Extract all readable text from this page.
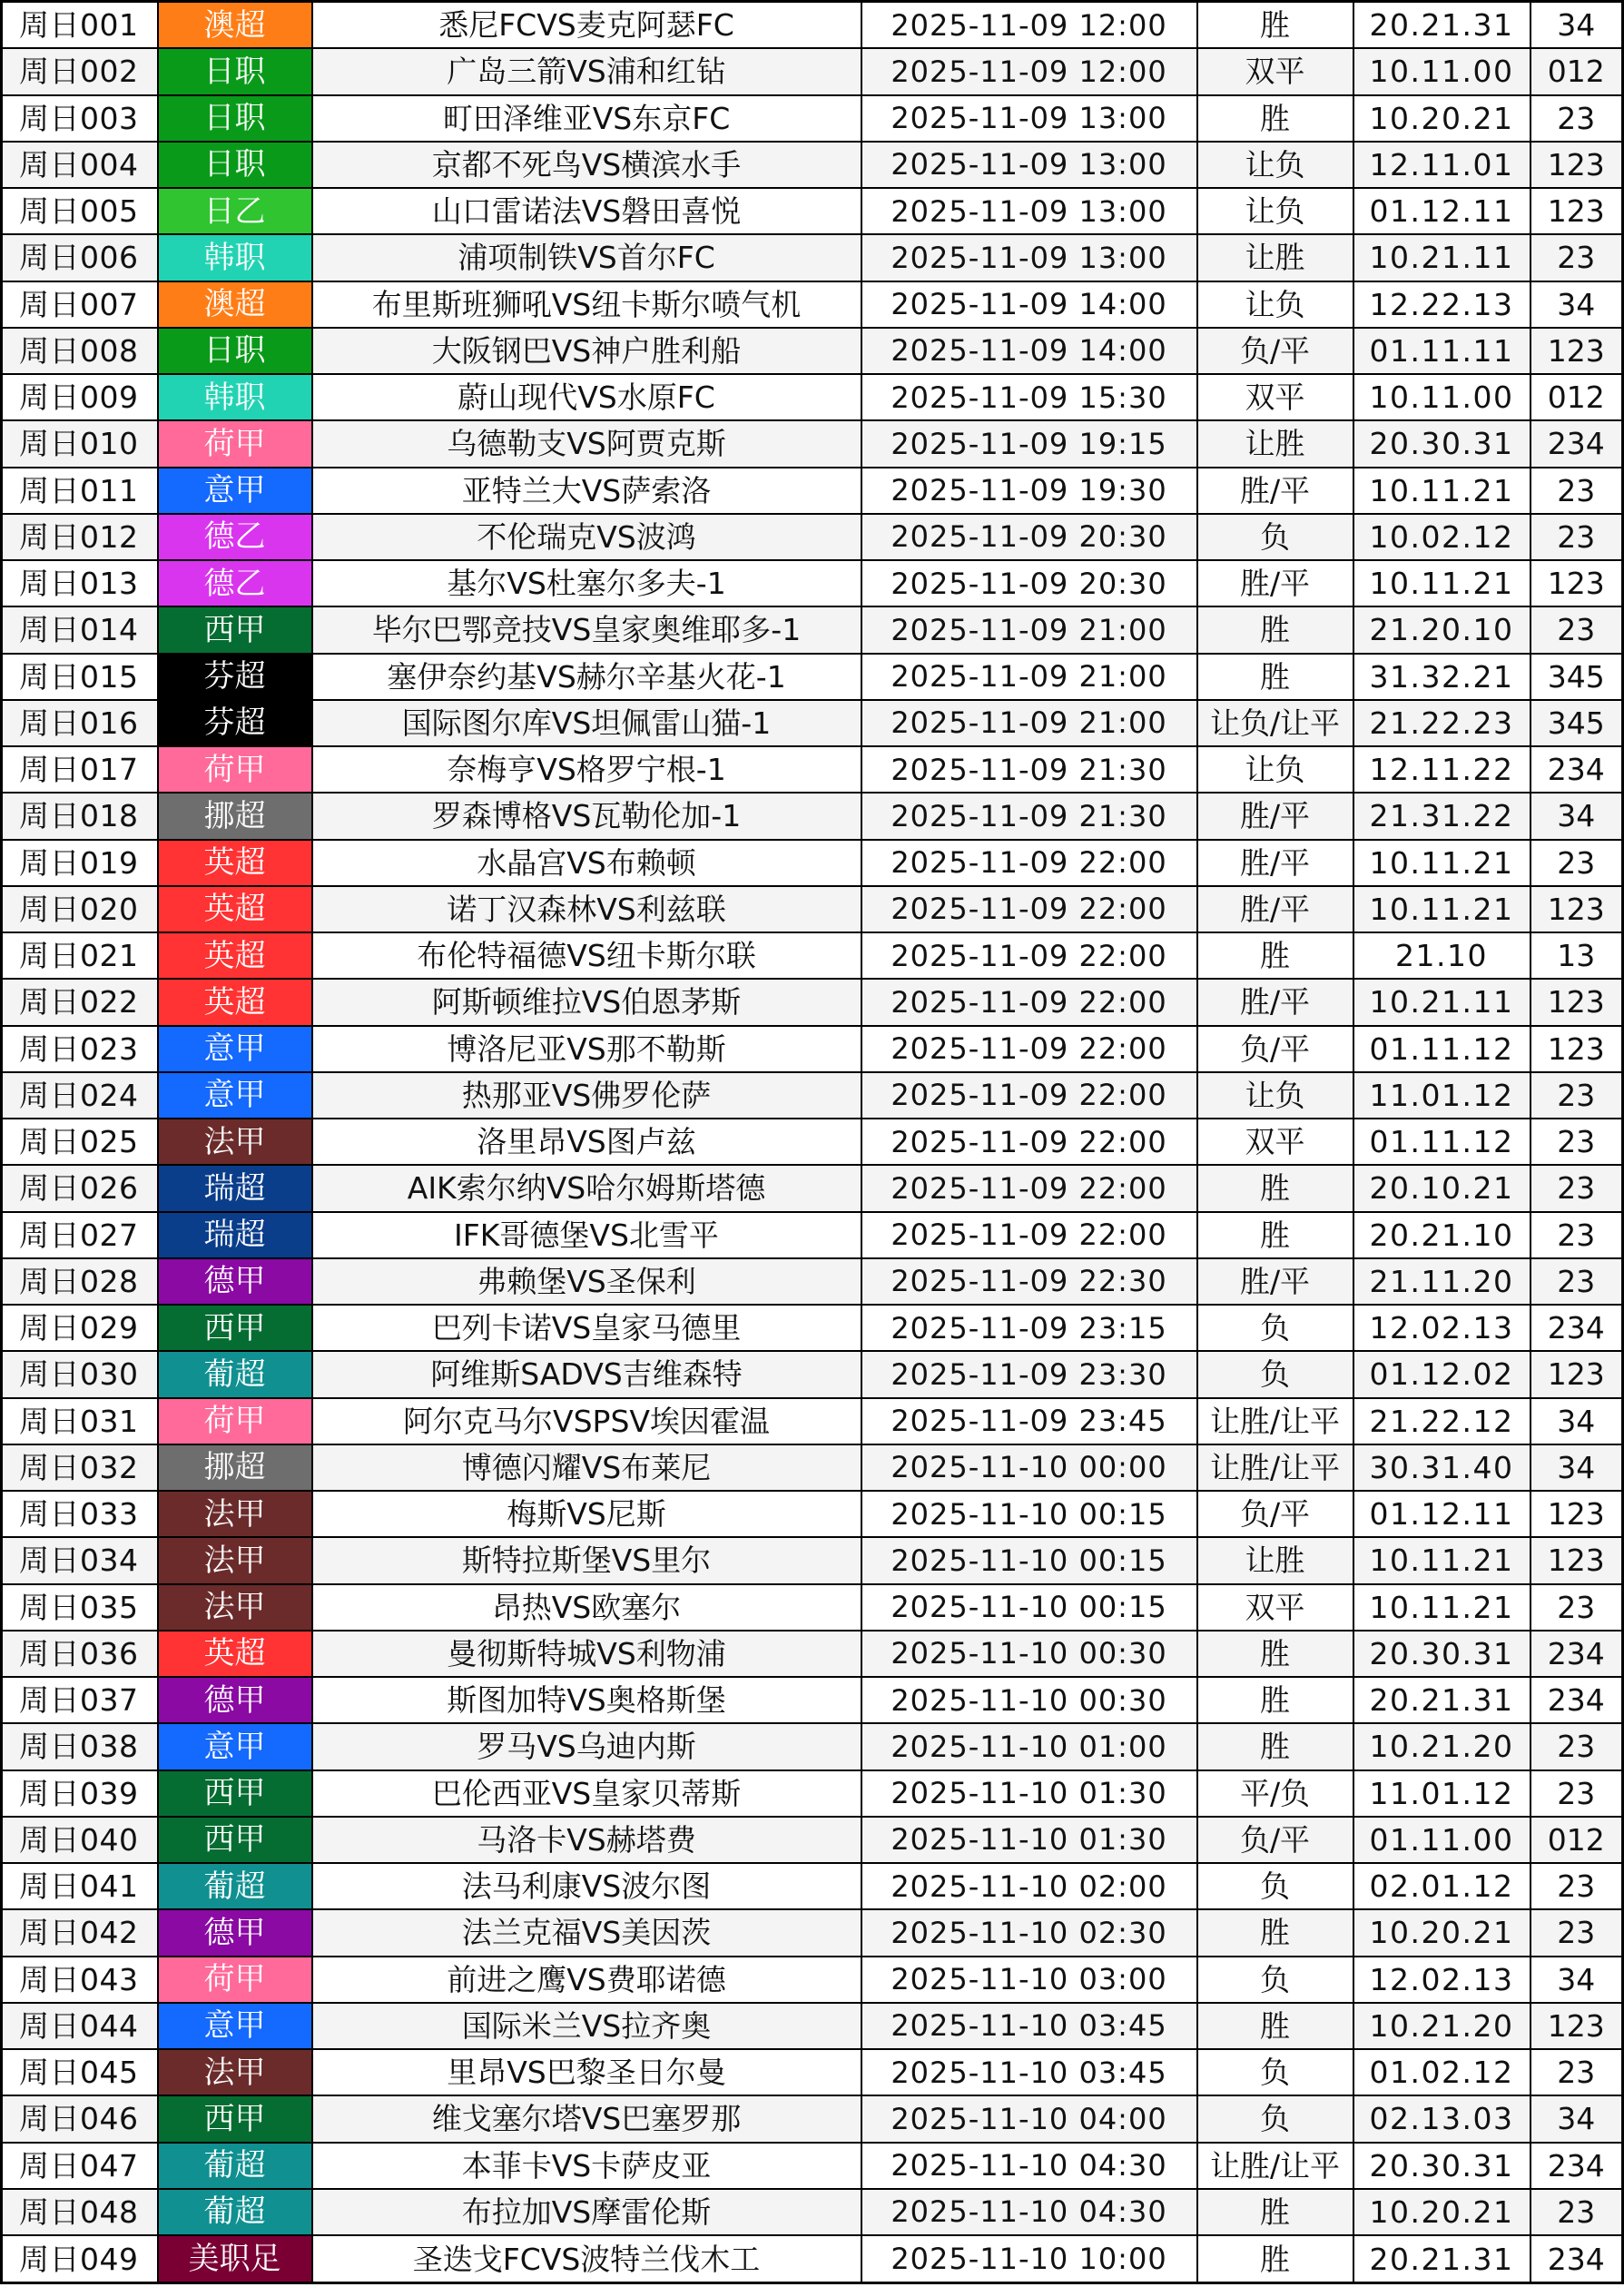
周日001	澳超	悉尼FCVS麦克阿瑟FC	2025-11-09 12:00	胜	20.21.31	34
周日002	日职	广岛三箭VS浦和红钻	2025-11-09 12:00	双平	10.11.00	012
周日003	日职	町田泽维亚VS东京FC	2025-11-09 13:00	胜	10.20.21	23
周日004	日职	京都不死鸟VS横滨水手	2025-11-09 13:00	让负	12.11.01	123
周日005	日乙	山口雷诺法VS磐田喜悦	2025-11-09 13:00	让负	01.12.11	123
周日006	韩职	浦项制铁VS首尔FC	2025-11-09 13:00	让胜	10.21.11	23
周日007	澳超	布里斯班狮吼VS纽卡斯尔喷气机	2025-11-09 14:00	让负	12.22.13	34
周日008	日职	大阪钢巴VS神户胜利船	2025-11-09 14:00	负/平	01.11.11	123
周日009	韩职	蔚山现代VS水原FC	2025-11-09 15:30	双平	10.11.00	012
周日010	荷甲	乌德勒支VS阿贾克斯	2025-11-09 19:15	让胜	20.30.31	234
周日011	意甲	亚特兰大VS萨索洛	2025-11-09 19:30	胜/平	10.11.21	23
周日012	德乙	不伦瑞克VS波鸿	2025-11-09 20:30	负	10.02.12	23
周日013	德乙	基尔VS杜塞尔多夫-1	2025-11-09 20:30	胜/平	10.11.21	123
周日014	西甲	毕尔巴鄂竞技VS皇家奥维耶多-1	2025-11-09 21:00	胜	21.20.10	23
周日015	芬超	塞伊奈约基VS赫尔辛基火花-1	2025-11-09 21:00	胜	31.32.21	345
周日016	芬超	国际图尔库VS坦佩雷山猫-1	2025-11-09 21:00	让负/让平	21.22.23	345
周日017	荷甲	奈梅亨VS格罗宁根-1	2025-11-09 21:30	让负	12.11.22	234
周日018	挪超	罗森博格VS瓦勒伦加-1	2025-11-09 21:30	胜/平	21.31.22	34
周日019	英超	水晶宫VS布赖顿	2025-11-09 22:00	胜/平	10.11.21	23
周日020	英超	诺丁汉森林VS利兹联	2025-11-09 22:00	胜/平	10.11.21	123
周日021	英超	布伦特福德VS纽卡斯尔联	2025-11-09 22:00	胜	21.10	13
周日022	英超	阿斯顿维拉VS伯恩茅斯	2025-11-09 22:00	胜/平	10.21.11	123
周日023	意甲	博洛尼亚VS那不勒斯	2025-11-09 22:00	负/平	01.11.12	123
周日024	意甲	热那亚VS佛罗伦萨	2025-11-09 22:00	让负	11.01.12	23
周日025	法甲	洛里昂VS图卢兹	2025-11-09 22:00	双平	01.11.12	23
周日026	瑞超	AIK索尔纳VS哈尔姆斯塔德	2025-11-09 22:00	胜	20.10.21	23
周日027	瑞超	IFK哥德堡VS北雪平	2025-11-09 22:00	胜	20.21.10	23
周日028	德甲	弗赖堡VS圣保利	2025-11-09 22:30	胜/平	21.11.20	23
周日029	西甲	巴列卡诺VS皇家马德里	2025-11-09 23:15	负	12.02.13	234
周日030	葡超	阿维斯SADVS吉维森特	2025-11-09 23:30	负	01.12.02	123
周日031	荷甲	阿尔克马尔VSPSV埃因霍温	2025-11-09 23:45	让胜/让平	21.22.12	34
周日032	挪超	博德闪耀VS布莱尼	2025-11-10 00:00	让胜/让平	30.31.40	34
周日033	法甲	梅斯VS尼斯	2025-11-10 00:15	负/平	01.12.11	123
周日034	法甲	斯特拉斯堡VS里尔	2025-11-10 00:15	让胜	10.11.21	123
周日035	法甲	昂热VS欧塞尔	2025-11-10 00:15	双平	10.11.21	23
周日036	英超	曼彻斯特城VS利物浦	2025-11-10 00:30	胜	20.30.31	234
周日037	德甲	斯图加特VS奥格斯堡	2025-11-10 00:30	胜	20.21.31	234
周日038	意甲	罗马VS乌迪内斯	2025-11-10 01:00	胜	10.21.20	23
周日039	西甲	巴伦西亚VS皇家贝蒂斯	2025-11-10 01:30	平/负	11.01.12	23
周日040	西甲	马洛卡VS赫塔费	2025-11-10 01:30	负/平	01.11.00	012
周日041	葡超	法马利康VS波尔图	2025-11-10 02:00	负	02.01.12	23
周日042	德甲	法兰克福VS美因茨	2025-11-10 02:30	胜	10.20.21	23
周日043	荷甲	前进之鹰VS费耶诺德	2025-11-10 03:00	负	12.02.13	34
周日044	意甲	国际米兰VS拉齐奥	2025-11-10 03:45	胜	10.21.20	123
周日045	法甲	里昂VS巴黎圣日尔曼	2025-11-10 03:45	负	01.02.12	23
周日046	西甲	维戈塞尔塔VS巴塞罗那	2025-11-10 04:00	负	02.13.03	34
周日047	葡超	本菲卡VS卡萨皮亚	2025-11-10 04:30	让胜/让平	20.30.31	234
周日048	葡超	布拉加VS摩雷伦斯	2025-11-10 04:30	胜	10.20.21	23
周日049	美职足	圣迭戈FCVS波特兰伐木工	2025-11-10 10:00	胜	20.21.31	234
